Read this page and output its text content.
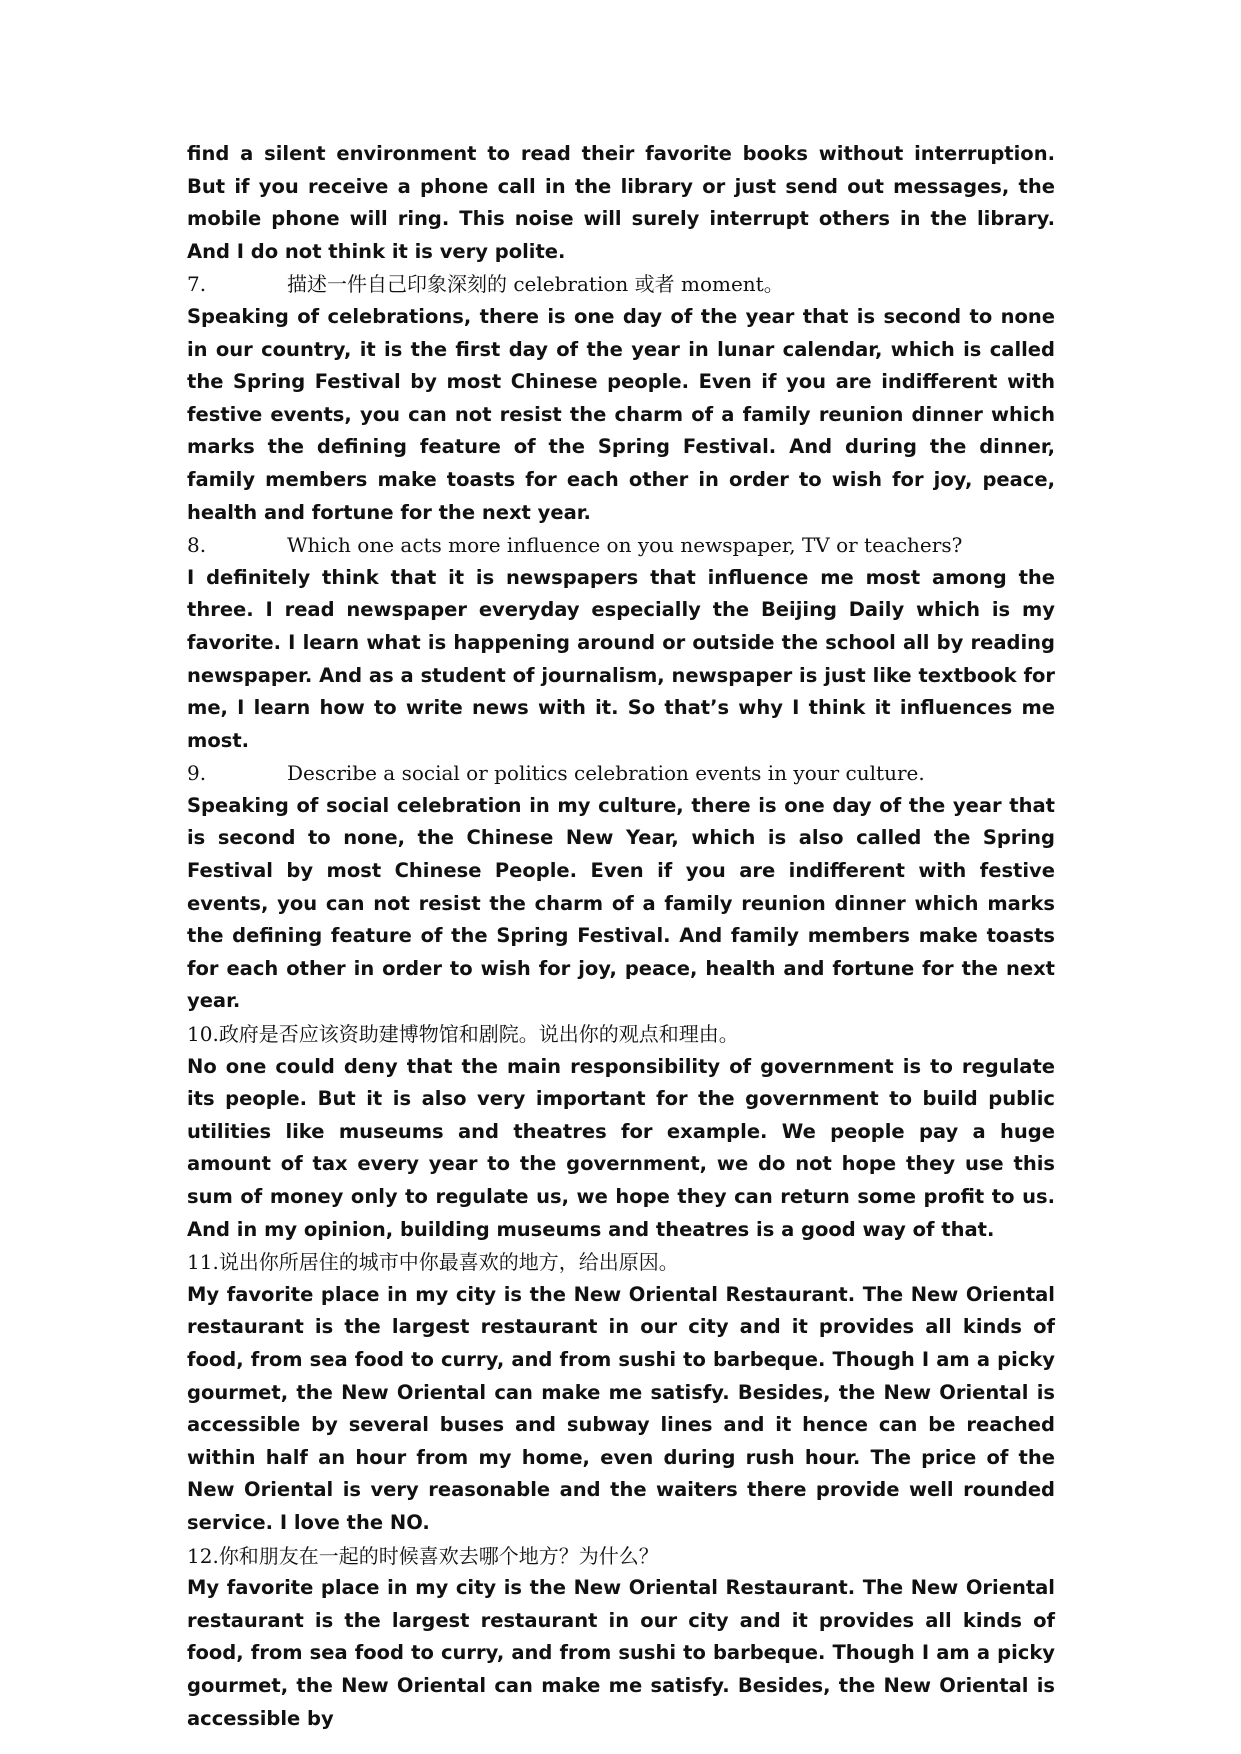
find a silent environment to read their favorite books without interruption. But if you receive a phone call in the library or just send out messages, the mobile phone will ring. This noise will surely interrupt others in the library. And I do not think it is very polite.

7.	描述一件自己印象深刻的 celebration 或者 moment。

Speaking of celebrations, there is one day of the year that is second to none in our country, it is the first day of the year in lunar calendar, which is called the Spring Festival by most Chinese people. Even if you are indifferent with festive events, you can not resist the charm of a family reunion dinner which marks the defining feature of the Spring Festival. And during the dinner, family members make toasts for each other in order to wish for joy, peace, health and fortune for the next year.

8.	Which one acts more influence on you newspaper, TV or teachers?

I definitely think that it is newspapers that influence me most among the three. I read newspaper everyday especially the Beijing Daily which is my favorite. I learn what is happening around or outside the school all by reading newspaper. And as a student of journalism, newspaper is just like textbook for me, I learn how to write news with it. So that’s why I think it influences me most.

9.	Describe a social or politics celebration events in your culture.

Speaking of social celebration in my culture, there is one day of the year that is second to none, the Chinese New Year, which is also called the Spring Festival by most Chinese People. Even if you are indifferent with festive events, you can not resist the charm of a family reunion dinner which marks the defining feature of the Spring Festival. And family members make toasts for each other in order to wish for joy, peace, health and fortune for the next year.

10.政府是否应该资助建博物馆和剧院。说出你的观点和理由。

No one could deny that the main responsibility of government is to regulate its people. But it is also very important for the government to build public utilities like museums and theatres for example. We people pay a huge amount of tax every year to the government, we do not hope they use this sum of money only to regulate us, we hope they can return some profit to us. And in my opinion, building museums and theatres is a good way of that.

11.说出你所居住的城市中你最喜欢的地方，给出原因。

My favorite place in my city is the New Oriental Restaurant. The New Oriental restaurant is the largest restaurant in our city and it provides all kinds of food, from sea food to curry, and from sushi to barbeque. Though I am a picky gourmet, the New Oriental can make me satisfy. Besides, the New Oriental is accessible by several buses and subway lines and it hence can be reached within half an hour from my home, even during rush hour. The price of the New Oriental is very reasonable and the waiters there provide well rounded service. I love the NO.

12.你和朋友在一起的时候喜欢去哪个地方？为什么？

My favorite place in my city is the New Oriental Restaurant. The New Oriental restaurant is the largest restaurant in our city and it provides all kinds of food, from sea food to curry, and from sushi to barbeque. Though I am a picky gourmet, the New Oriental can make me satisfy. Besides, the New Oriental is accessible by
